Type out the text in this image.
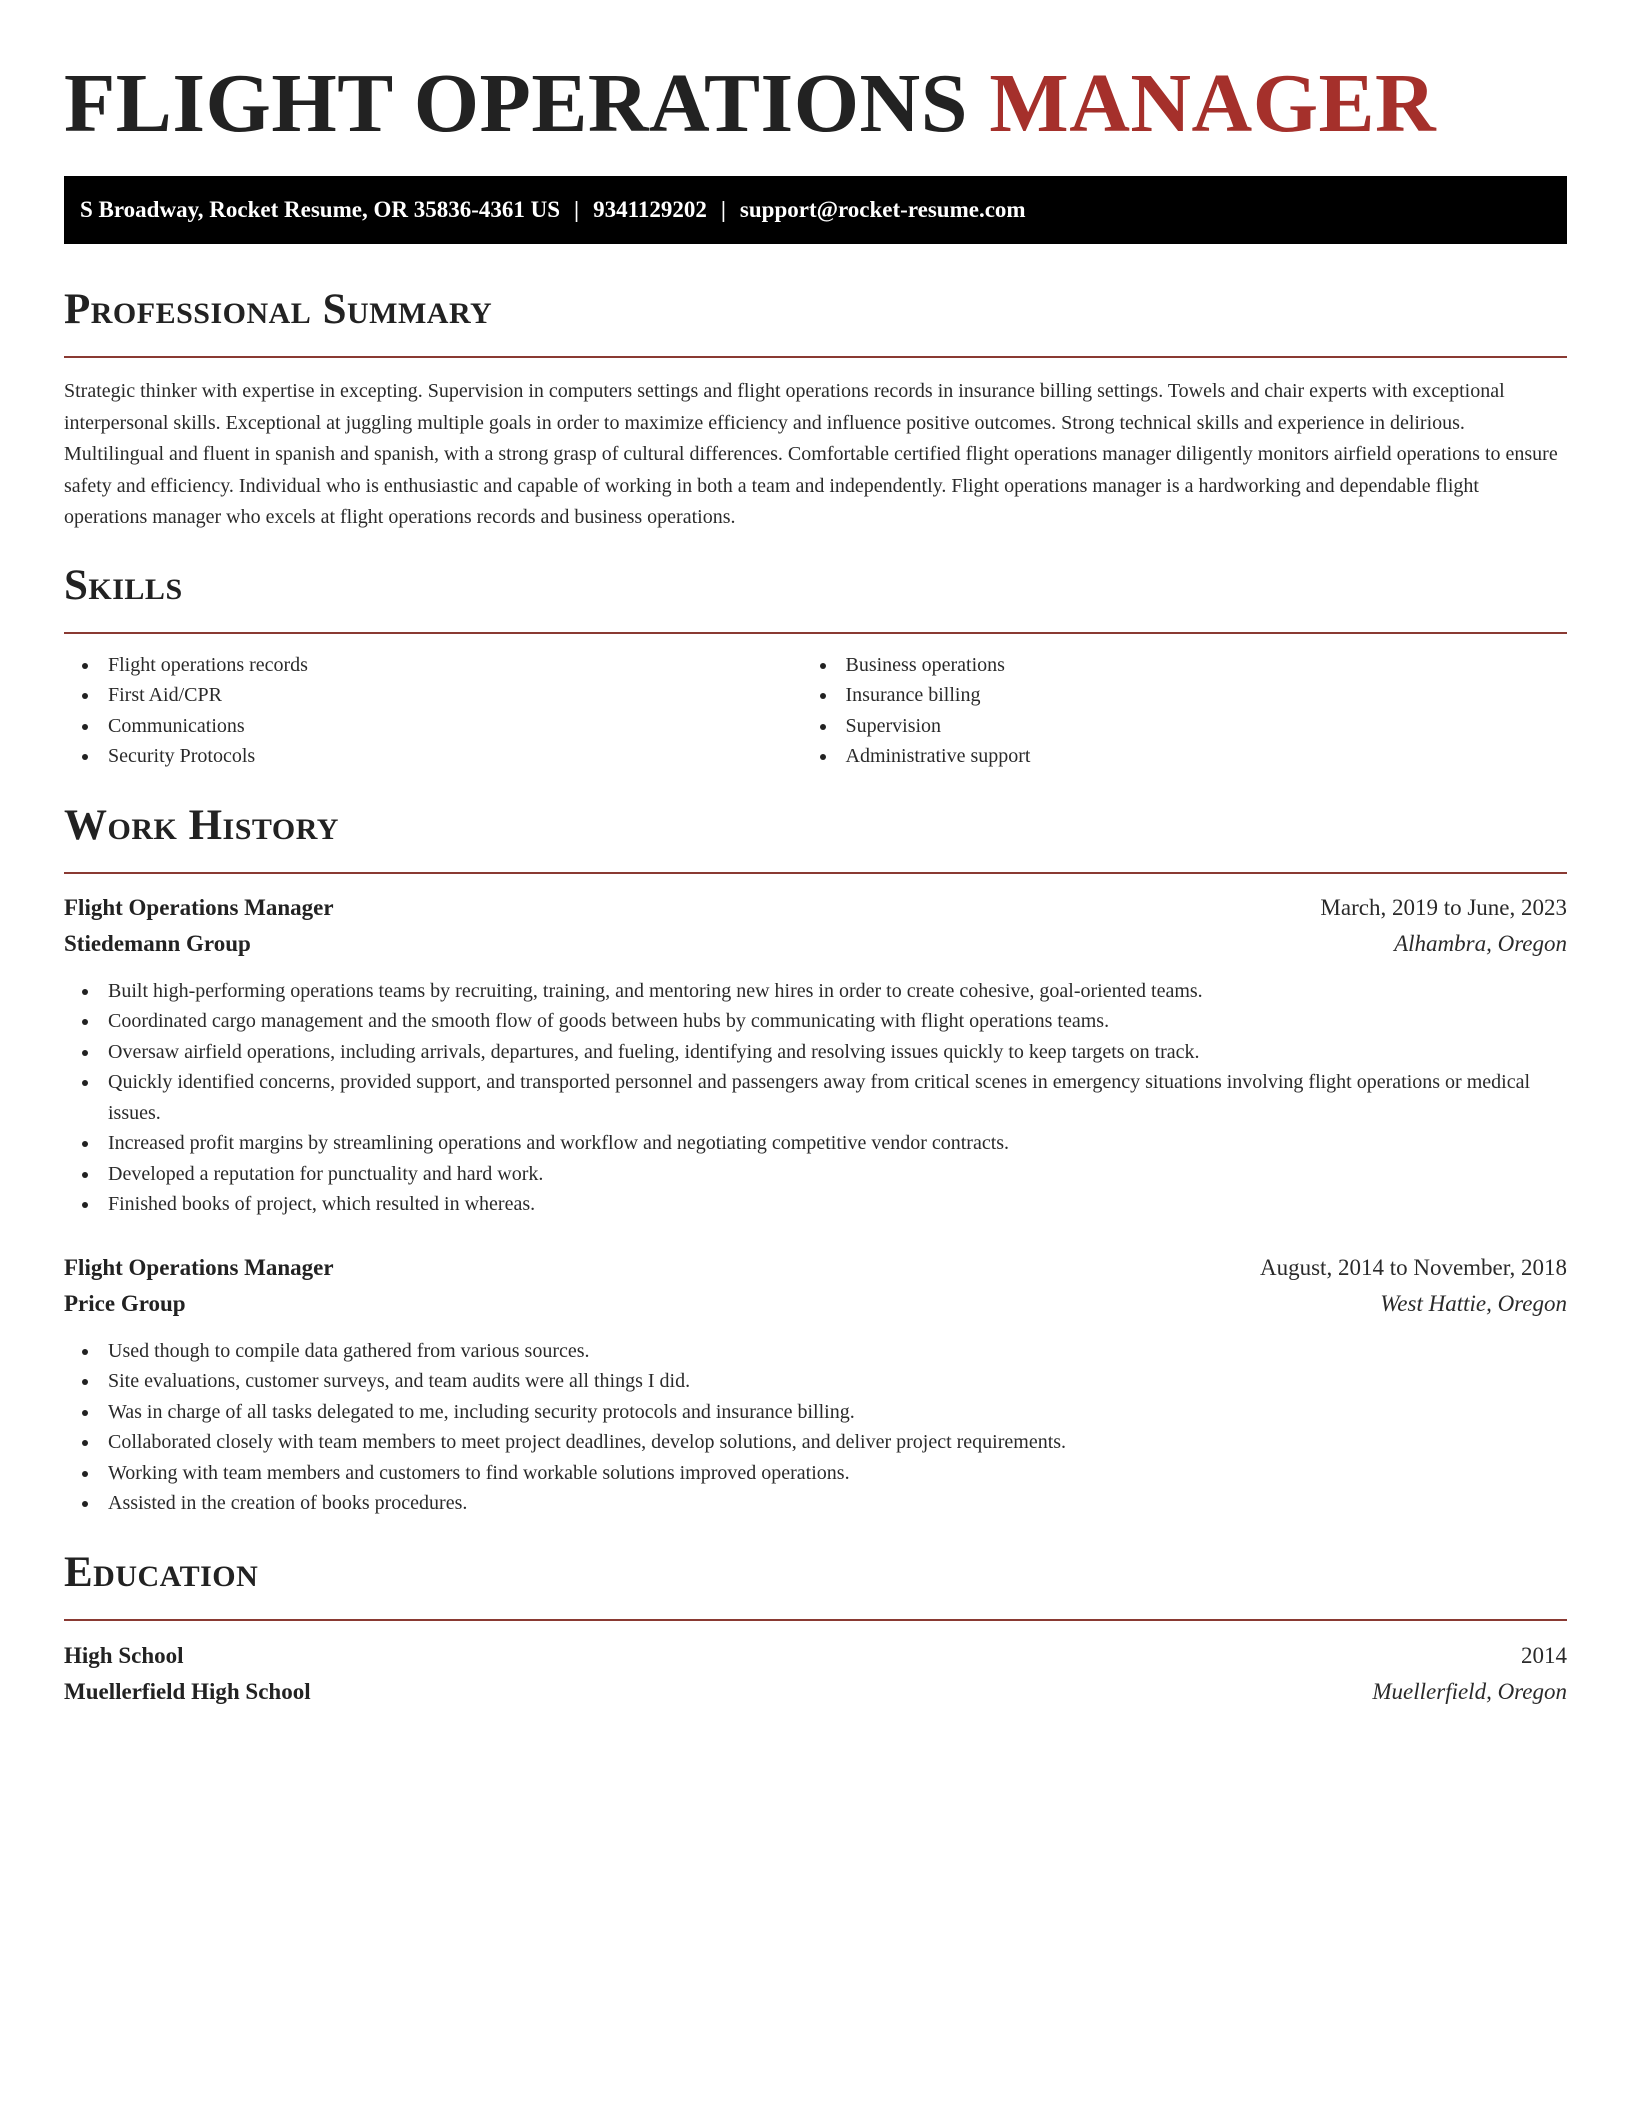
FLIGHT OPERATIONS MANAGER
S Broadway, Rocket Resume, OR 35836-4361 US | 9341129202 | support@rocket-resume.com
Professional Summary

Strategic thinker with expertise in excepting. Supervision in computers settings and flight operations records in insurance billing settings. Towels and chair experts with exceptional interpersonal skills. Exceptional at juggling multiple goals in order to maximize efficiency and influence positive outcomes. Strong technical skills and experience in delirious. Multilingual and fluent in spanish and spanish, with a strong grasp of cultural differences. Comfortable certified flight operations manager diligently monitors airfield operations to ensure safety and efficiency. Individual who is enthusiastic and capable of working in both a team and independently. Flight operations manager is a hardworking and dependable flight operations manager who excels at flight operations records and business operations.

Skills
Flight operations records
First Aid/CPR
Communications
Security Protocols
Business operations
Insurance billing
Supervision
Administrative support
Work History
Flight Operations Manager	March, 2019 to June, 2023
Stiedemann Group	Alhambra, Oregon
Built high-performing operations teams by recruiting, training, and mentoring new hires in order to create cohesive, goal-oriented teams.
Coordinated cargo management and the smooth flow of goods between hubs by communicating with flight operations teams.
Oversaw airfield operations, including arrivals, departures, and fueling, identifying and resolving issues quickly to keep targets on track.
Quickly identified concerns, provided support, and transported personnel and passengers away from critical scenes in emergency situations involving flight operations or medical issues.
Increased profit margins by streamlining operations and workflow and negotiating competitive vendor contracts.
Developed a reputation for punctuality and hard work.
Finished books of project, which resulted in whereas.
Flight Operations Manager	August, 2014 to November, 2018
Price Group	West Hattie, Oregon
Used though to compile data gathered from various sources.
Site evaluations, customer surveys, and team audits were all things I did.
Was in charge of all tasks delegated to me, including security protocols and insurance billing.
Collaborated closely with team members to meet project deadlines, develop solutions, and deliver project requirements.
Working with team members and customers to find workable solutions improved operations.
Assisted in the creation of books procedures.
Education
High School	2014
Muellerfield High School	Muellerfield, Oregon
